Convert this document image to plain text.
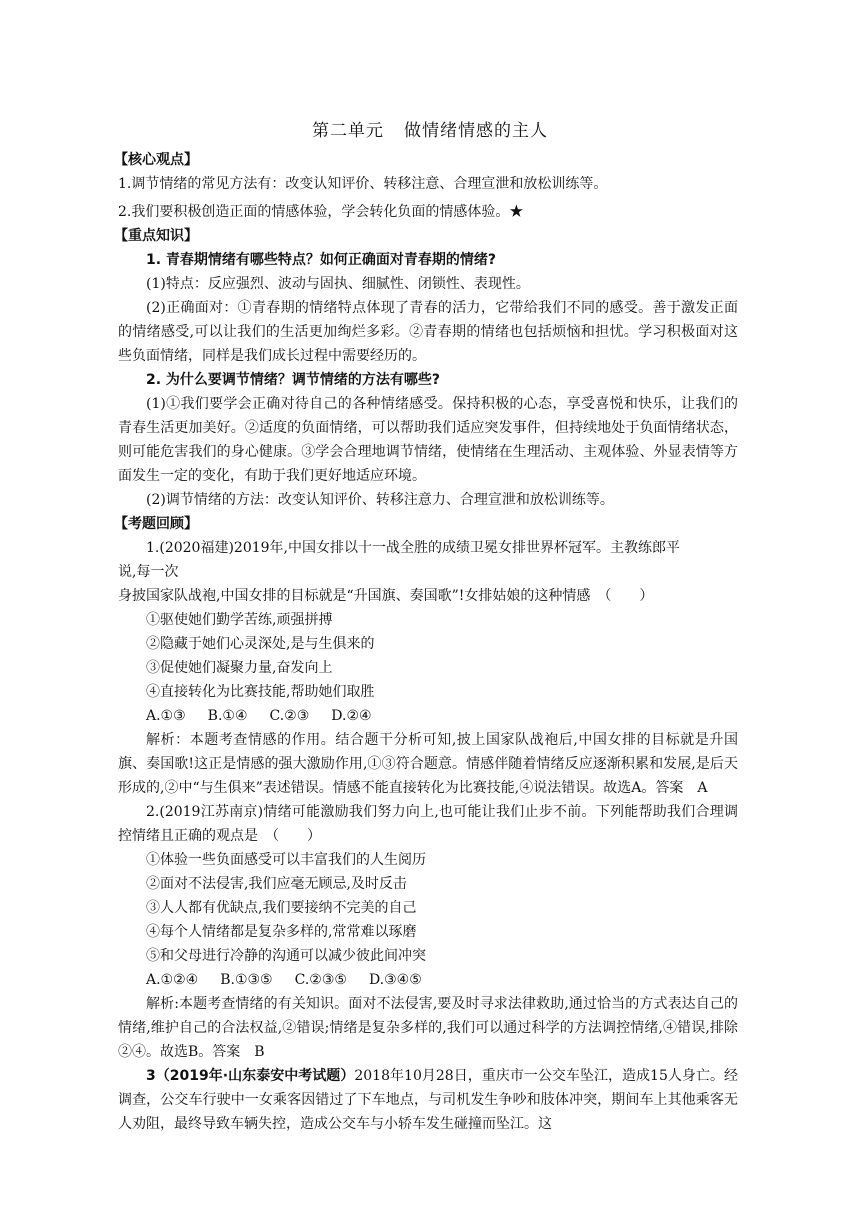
第二单元 做情绪情感的主人
【核心观点】
1.调节情绪的常见方法有：改变认知评价、转移注意、合理宣泄和放松训练等。
2.我们要积极创造正面的情感体验，学会转化负面的情感体验。★
【重点知识】
1. 青春期情绪有哪些特点？如何正确面对青春期的情绪?
(1)特点：反应强烈、波动与固执、细腻性、闭锁性、表现性。
(2)正确面对：①青春期的情绪特点体现了青春的活力，它带给我们不同的感受。善于激发正面的情绪感受,可以让我们的生活更加绚烂多彩。②青春期的情绪也包括烦恼和担忧。学习积极面对这些负面情绪，同样是我们成长过程中需要经历的。
2. 为什么要调节情绪？调节情绪的方法有哪些?
(1)①我们要学会正确对待自己的各种情绪感受。保持积极的心态，享受喜悦和快乐，让我们的青春生活更加美好。②适度的负面情绪，可以帮助我们适应突发事件，但持续地处于负面情绪状态，则可能危害我们的身心健康。③学会合理地调节情绪，使情绪在生理活动、主观体验、外显表情等方面发生一定的变化，有助于我们更好地适应环境。
(2)调节情绪的方法：改变认知评价、转移注意力、合理宣泄和放松训练等。
【考题回顾】
1.(2020福建)2019年,中国女排以十一战全胜的成绩卫冕女排世界杯冠军。主教练郎平
说,每一次
身披国家队战袍,中国女排的目标就是“升国旗、奏国歌”!女排姑娘的这种情感　（　　）
①驱使她们勤学苦练,顽强拼搏
②隐藏于她们心灵深处,是与生俱来的
③促使她们凝聚力量,奋发向上
④直接转化为比赛技能,帮助她们取胜
A.①③ B.①④ C.②③ D.②④
解析：本题考查情感的作用。结合题干分析可知,披上国家队战袍后,中国女排的目标就是升国旗、奏国歌!这正是情感的强大激励作用,①③符合题意。情感伴随着情绪反应逐渐积累和发展,是后天形成的,②中“与生俱来”表述错误。情感不能直接转化为比赛技能,④说法错误。故选A。答案　A
2.(2019江苏南京)情绪可能激励我们努力向上,也可能让我们止步不前。下列能帮助我们合理调控情绪且正确的观点是　（　　）
①体验一些负面感受可以丰富我们的人生阅历
②面对不法侵害,我们应毫无顾忌,及时反击
③人人都有优缺点,我们要接纳不完美的自己
④每个人情绪都是复杂多样的,常常难以琢磨
⑤和父母进行冷静的沟通可以减少彼此间冲突
A.①②④ B.①③⑤ C.②③⑤ D.③④⑤
解析:本题考查情绪的有关知识。面对不法侵害,要及时寻求法律救助,通过恰当的方式表达自己的情绪,维护自己的合法权益,②错误;情绪是复杂多样的,我们可以通过科学的方法调控情绪,④错误,排除②④。故选B。答案　B
3（2019年·山东泰安中考试题）2018年10月28日，重庆市一公交车坠江，造成15人身亡。经调查，公交车行驶中一女乘客因错过了下车地点，与司机发生争吵和肢体冲突，期间车上其他乘客无人劝阻，最终导致车辆失控，造成公交车与小轿车发生碰撞而坠江。这
